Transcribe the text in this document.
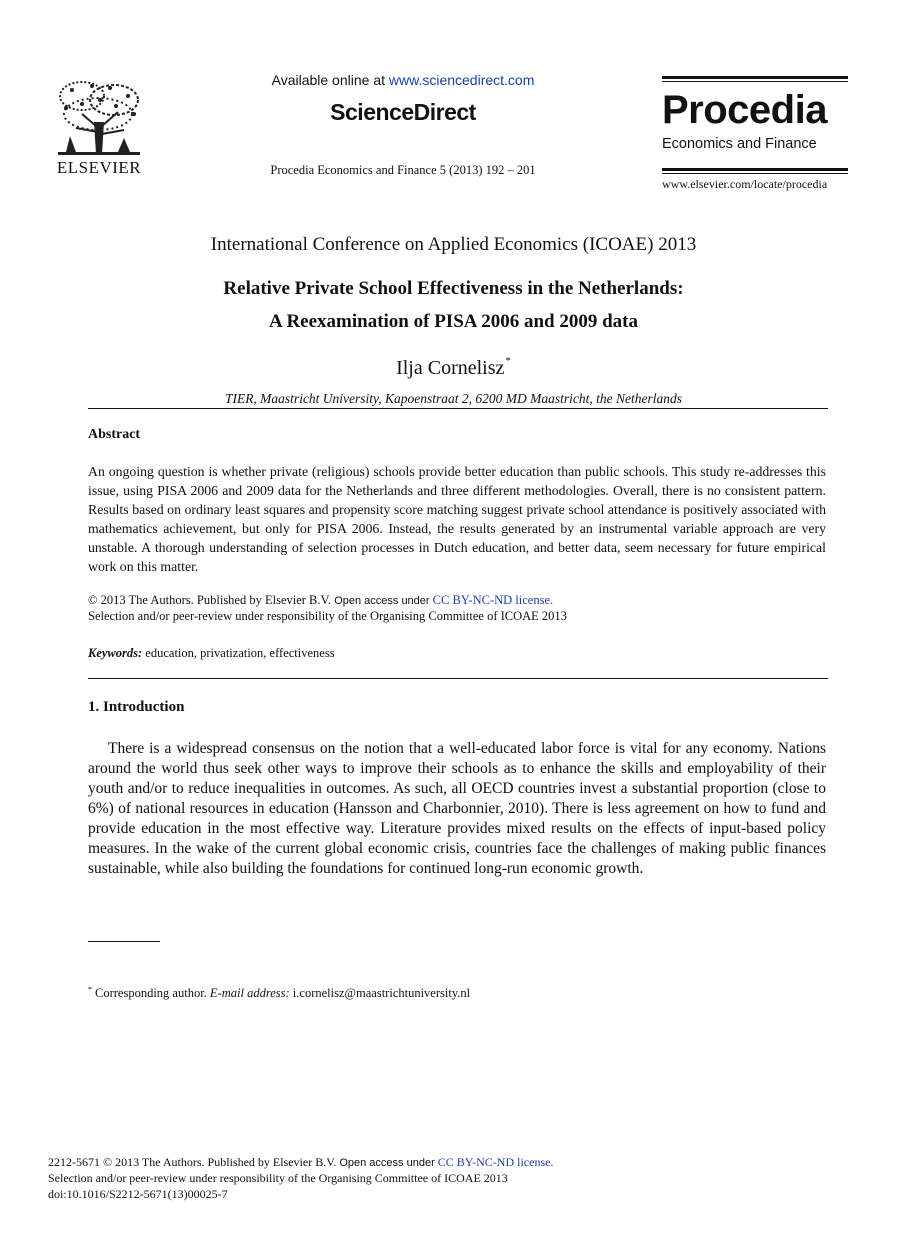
ELSEVIER
Available online at www.sciencedirect.com
ScienceDirect
Procedia Economics and Finance 5 (2013) 192 – 201
Procedia
Economics and Finance
www.elsevier.com/locate/procedia
International Conference on Applied Economics (ICOAE) 2013
Relative Private School Effectiveness in the Netherlands:
A Reexamination of PISA 2006 and 2009 data
Ilja Cornelisz*
TIER, Maastricht University, Kapoenstraat 2, 6200 MD Maastricht, the Netherlands
Abstract
An ongoing question is whether private (religious) schools provide better education than public schools. This study re-addresses this issue, using PISA 2006 and 2009 data for the Netherlands and three different methodologies. Overall, there is no consistent pattern. Results based on ordinary least squares and propensity score matching suggest private school attendance is positively associated with mathematics achievement, but only for PISA 2006. Instead, the results generated by an instrumental variable approach are very unstable. A thorough understanding of selection processes in Dutch education, and better data, seem necessary for future empirical work on this matter.
© 2013 The Authors. Published by Elsevier B.V. Open access under CC BY-NC-ND license.
Selection and/or peer-review under responsibility of the Organising Committee of ICOAE 2013
Keywords: education, privatization, effectiveness
1. Introduction
There is a widespread consensus on the notion that a well-educated labor force is vital for any economy. Nations around the world thus seek other ways to improve their schools as to enhance the skills and employability of their youth and/or to reduce inequalities in outcomes. As such, all OECD countries invest a substantial proportion (close to 6%) of national resources in education (Hansson and Charbonnier, 2010). There is less agreement on how to fund and provide education in the most effective way. Literature provides mixed results on the effects of input-based policy measures. In the wake of the current global economic crisis, countries face the challenges of making public finances sustainable, while also building the foundations for continued long-run economic growth.
* Corresponding author. E-mail address: i.cornelisz@maastrichtuniversity.nl
2212-5671 © 2013 The Authors. Published by Elsevier B.V. Open access under CC BY-NC-ND license.
Selection and/or peer-review under responsibility of the Organising Committee of ICOAE 2013
doi:10.1016/S2212-5671(13)00025-7
